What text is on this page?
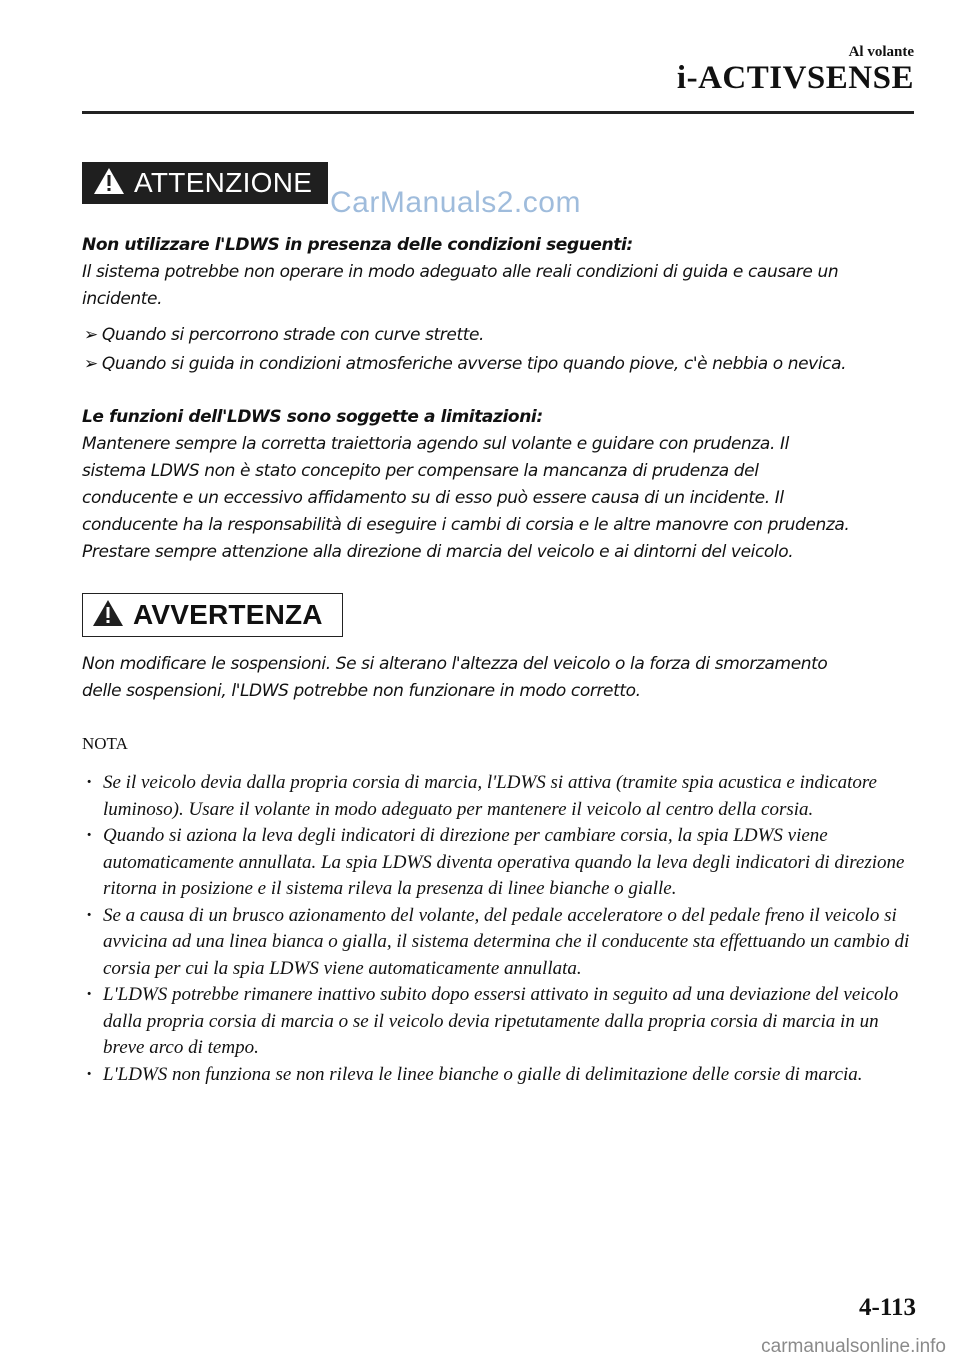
Al volante
i-ACTIVSENSE
ATTENZIONE
CarManuals2.com
Non utilizzare l'LDWS in presenza delle condizioni seguenti:
Il sistema potrebbe non operare in modo adeguato alle reali condizioni di guida e causare un
incidente.
➢ Quando si percorrono strade con curve strette.
➢ Quando si guida in condizioni atmosferiche avverse tipo quando piove, c'è nebbia o nevica.
Le funzioni dell'LDWS sono soggette a limitazioni:
Mantenere sempre la corretta traiettoria agendo sul volante e guidare con prudenza. Il
sistema LDWS non è stato concepito per compensare la mancanza di prudenza del
conducente e un eccessivo affidamento su di esso può essere causa di un incidente. Il
conducente ha la responsabilità di eseguire i cambi di corsia e le altre manovre con prudenza.
Prestare sempre attenzione alla direzione di marcia del veicolo e ai dintorni del veicolo.
AVVERTENZA
Non modificare le sospensioni. Se si alterano l'altezza del veicolo o la forza di smorzamento
delle sospensioni, l'LDWS potrebbe non funzionare in modo corretto.
NOTA
· Se il veicolo devia dalla propria corsia di marcia, l'LDWS si attiva (tramite spia acustica e indicatore luminoso). Usare il volante in modo adeguato per mantenere il veicolo al centro della corsia.
· Quando si aziona la leva degli indicatori di direzione per cambiare corsia, la spia LDWS viene automaticamente annullata. La spia LDWS diventa operativa quando la leva degli indicatori di direzione ritorna in posizione e il sistema rileva la presenza di linee bianche o gialle.
· Se a causa di un brusco azionamento del volante, del pedale acceleratore o del pedale freno il veicolo si avvicina ad una linea bianca o gialla, il sistema determina che il conducente sta effettuando un cambio di corsia per cui la spia LDWS viene automaticamente annullata.
· L'LDWS potrebbe rimanere inattivo subito dopo essersi attivato in seguito ad una deviazione del veicolo dalla propria corsia di marcia o se il veicolo devia ripetutamente dalla propria corsia di marcia in un breve arco di tempo.
· L'LDWS non funziona se non rileva le linee bianche o gialle di delimitazione delle corsie di marcia.
4-113
carmanualsonline.info
